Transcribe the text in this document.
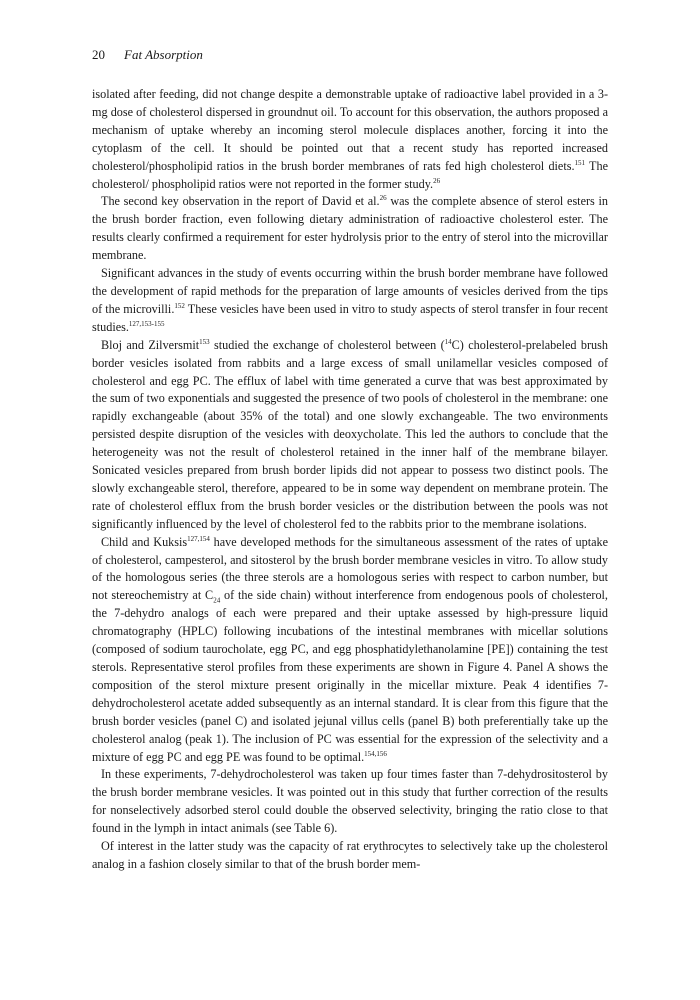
20 Fat Absorption

isolated after feeding, did not change despite a demonstrable uptake of radioactive label provided in a 3-mg dose of cholesterol dispersed in groundnut oil. To account for this observation, the authors proposed a mechanism of uptake whereby an incoming sterol molecule displaces another, forcing it into the cytoplasm of the cell. It should be pointed out that a recent study has reported increased cholesterol/phospholipid ratios in the brush border membranes of rats fed high cholesterol diets.$^{151}$ The cholesterol/ phospholipid ratios were not reported in the former study.$^{26}$

The second key observation in the report of David et al.$^{26}$ was the complete absence of sterol esters in the brush border fraction, even following dietary administration of radioactive cholesterol ester. The results clearly confirmed a requirement for ester hydrolysis prior to the entry of sterol into the microvillar membrane.

Significant advances in the study of events occurring within the brush border membrane have followed the development of rapid methods for the preparation of large amounts of vesicles derived from the tips of the microvilli.$^{152}$ These vesicles have been used in vitro to study aspects of sterol transfer in four recent studies.$^{127,153-155}$

Bloj and Zilversmit$^{153}$ studied the exchange of cholesterol between ($^{14}$C) cholesterol-prelabeled brush border vesicles isolated from rabbits and a large excess of small unilamellar vesicles composed of cholesterol and egg PC. The efflux of label with time generated a curve that was best approximated by the sum of two exponentials and suggested the presence of two pools of cholesterol in the membrane: one rapidly exchangeable (about 35% of the total) and one slowly exchangeable. The two environments persisted despite disruption of the vesicles with deoxycholate. This led the authors to conclude that the heterogeneity was not the result of cholesterol retained in the inner half of the membrane bilayer. Sonicated vesicles prepared from brush border lipids did not appear to possess two distinct pools. The slowly exchangeable sterol, therefore, appeared to be in some way dependent on membrane protein. The rate of cholesterol efflux from the brush border vesicles or the distribution between the pools was not significantly influenced by the level of cholesterol fed to the rabbits prior to the membrane isolations.

Child and Kuksis$^{127,154}$ have developed methods for the simultaneous assessment of the rates of uptake of cholesterol, campesterol, and sitosterol by the brush border membrane vesicles in vitro. To allow study of the homologous series (the three sterols are a homologous series with respect to carbon number, but not stereochemistry at $C_{24}$ of the side chain) without interference from endogenous pools of cholesterol, the 7-dehydro analogs of each were prepared and their uptake assessed by high-pressure liquid chromatography (HPLC) following incubations of the intestinal membranes with micellar solutions (composed of sodium taurocholate, egg PC, and egg phosphatidylethanolamine [PE]) containing the test sterols. Representative sterol profiles from these experiments are shown in Figure 4. Panel A shows the composition of the sterol mixture present originally in the micellar mixture. Peak 4 identifies 7-dehydrocholesterol acetate added subsequently as an internal standard. It is clear from this figure that the brush border vesicles (panel C) and isolated jejunal villus cells (panel B) both preferentially take up the cholesterol analog (peak 1). The inclusion of PC was essential for the expression of the selectivity and a mixture of egg PC and egg PE was found to be optimal.$^{154,156}$

In these experiments, 7-dehydrocholesterol was taken up four times faster than 7-dehydrositosterol by the brush border membrane vesicles. It was pointed out in this study that further correction of the results for nonselectively adsorbed sterol could double the observed selectivity, bringing the ratio close to that found in the lymph in intact animals (see Table 6).

Of interest in the latter study was the capacity of rat erythrocytes to selectively take up the cholesterol analog in a fashion closely similar to that of the brush border mem-
